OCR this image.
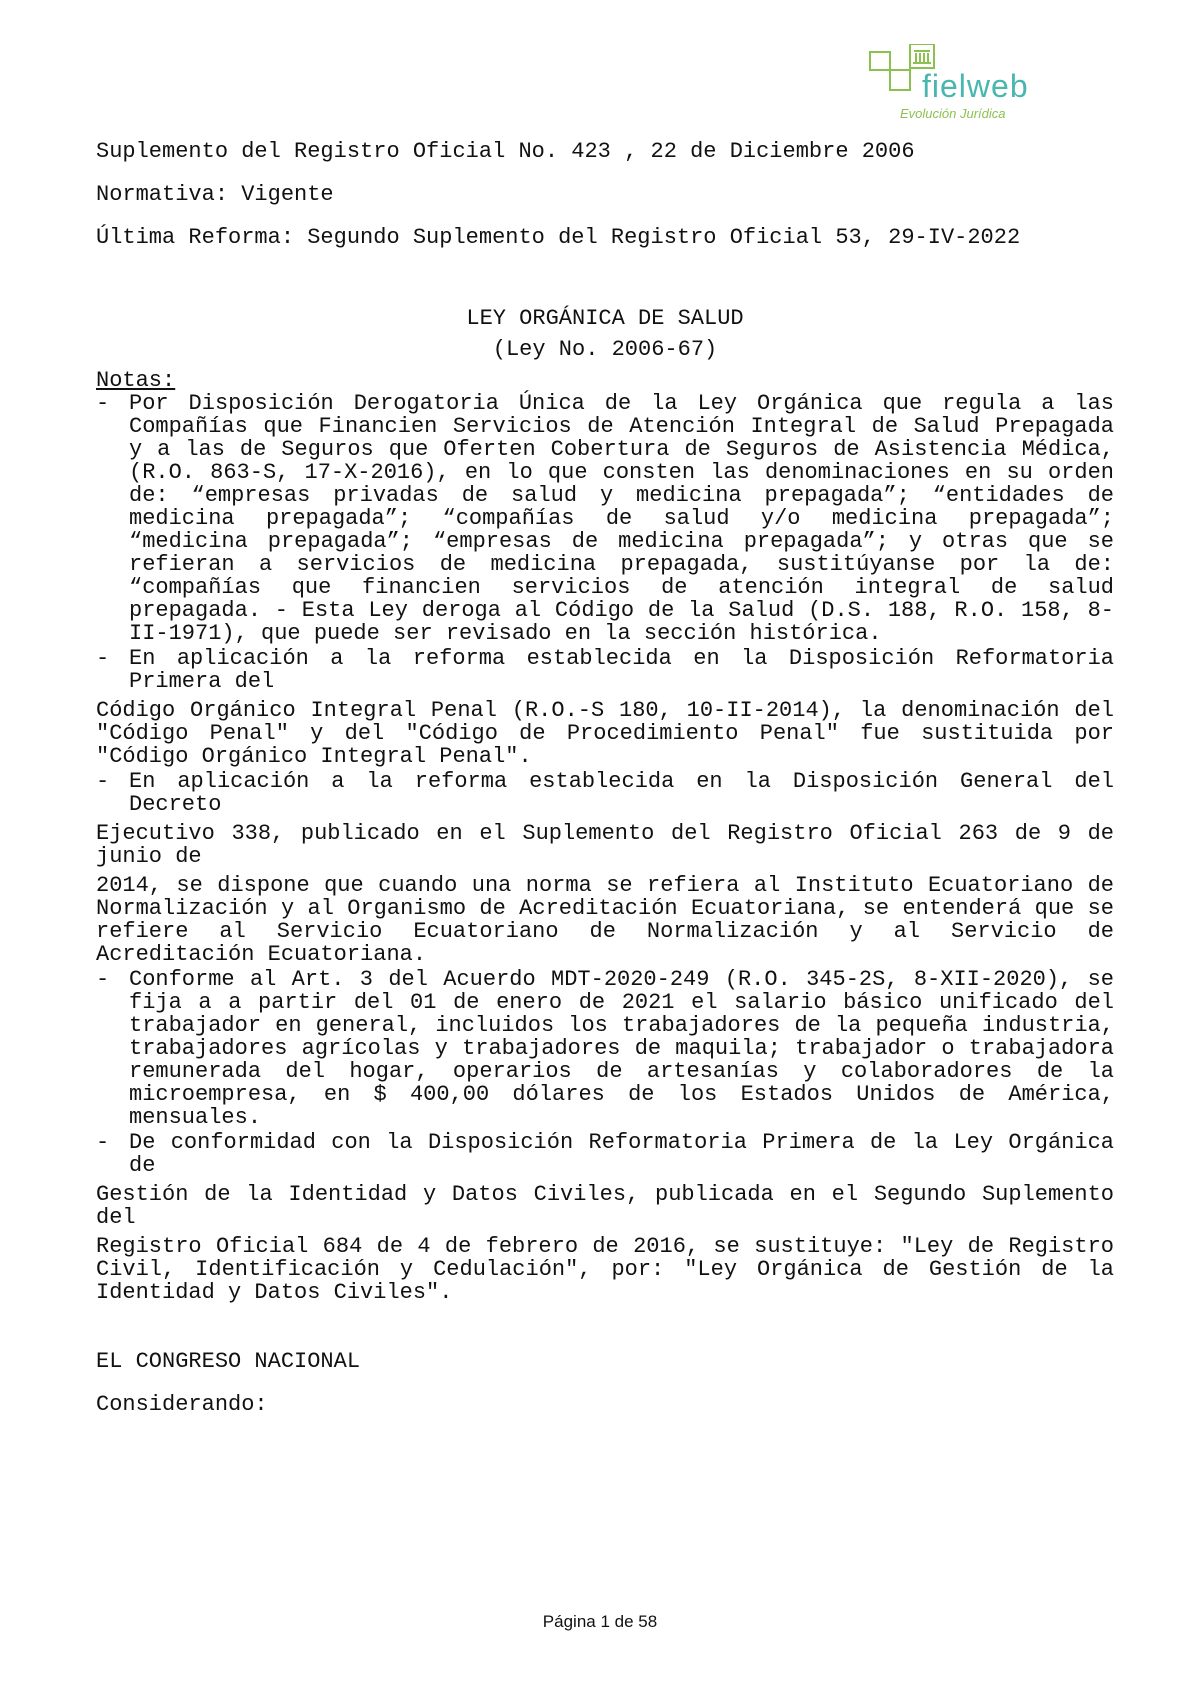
fielweb
Evolución Jurídica

Suplemento del Registro Oficial No. 423 , 22 de Diciembre 2006

Normativa: Vigente

Última Reforma: Segundo Suplemento del Registro Oficial 53, 29-IV-2022

LEY ORGÁNICA DE SALUD

(Ley No. 2006-67)

Notas:

- Por Disposición Derogatoria Única de la Ley Orgánica que regula a las Compañías que Financien Servicios de Atención Integral de Salud Prepagada y a las de Seguros que Oferten Cobertura de Seguros de Asistencia Médica, (R.O. 863-S, 17-X-2016), en lo que consten las denominaciones en su orden de: “empresas privadas de salud y medicina prepagada”; “entidades de medicina prepagada”; “compañías de salud y/o medicina prepagada”; “medicina prepagada”; “empresas de medicina prepagada”; y otras que se refieran a servicios de medicina prepagada, sustitúyanse por la de: “compañías que financien servicios de atención integral de salud prepagada. - Esta Ley deroga al Código de la Salud (D.S. 188, R.O. 158, 8-II-1971), que puede ser revisado en la sección histórica.
- En aplicación a la reforma establecida en la Disposición Reformatoria Primera del

Código Orgánico Integral Penal (R.O.-S 180, 10-II-2014), la denominación del "Código Penal" y del "Código de Procedimiento Penal" fue sustituida por "Código Orgánico Integral Penal".

- En aplicación a la reforma establecida en la Disposición General del Decreto

Ejecutivo 338, publicado en el Suplemento del Registro Oficial 263 de 9 de junio de

2014, se dispone que cuando una norma se refiera al Instituto Ecuatoriano de Normalización y al Organismo de Acreditación Ecuatoriana, se entenderá que se refiere al Servicio Ecuatoriano de Normalización y al Servicio de Acreditación Ecuatoriana.

- Conforme al Art. 3 del Acuerdo MDT-2020-249 (R.O. 345-2S, 8-XII-2020), se fija a a partir del 01 de enero de 2021 el salario básico unificado del trabajador en general, incluidos los trabajadores de la pequeña industria, trabajadores agrícolas y trabajadores de maquila; trabajador o trabajadora remunerada del hogar, operarios de artesanías y colaboradores de la microempresa, en $ 400,00 dólares de los Estados Unidos de América, mensuales.
- De conformidad con la Disposición Reformatoria Primera de la Ley Orgánica de

Gestión de la Identidad y Datos Civiles, publicada en el Segundo Suplemento del

Registro Oficial 684 de 4 de febrero de 2016, se sustituye: "Ley de Registro Civil, Identificación y Cedulación", por: "Ley Orgánica de Gestión de la Identidad y Datos Civiles".

EL CONGRESO NACIONAL

Considerando:

Página 1 de 58
